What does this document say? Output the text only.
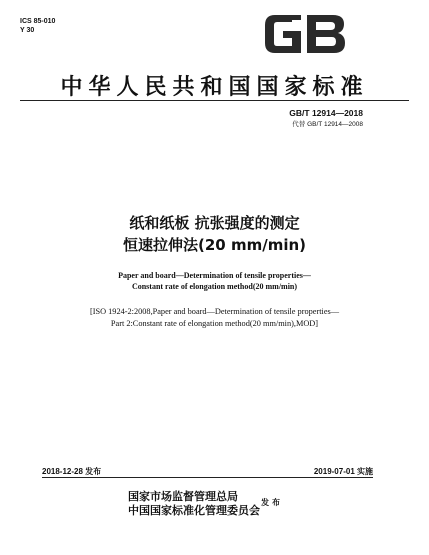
ICS 85-010
Y 30
中华人民共和国国家标准
GB/T 12914—2018
代替 GB/T 12914—2008
纸和纸板 抗张强度的测定
恒速拉伸法(20 mm/min)
Paper and board—Determination of tensile properties—
Constant rate of elongation method(20 mm/min)
[ISO 1924-2:2008,Paper and board—Determination of tensile properties—
Part 2:Constant rate of elongation method(20 mm/min),MOD]
2018-12-28 发布	2019-07-01 实施
国家市场监督管理总局
中国国家标准化管理委员会
发布
